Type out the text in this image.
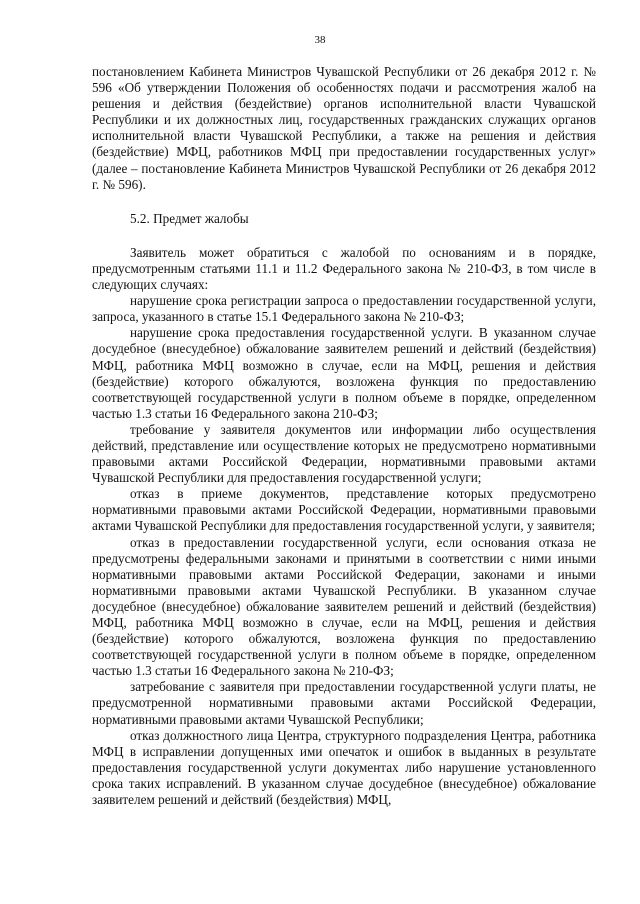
38

постановлением Кабинета Министров Чувашской Республики от 26 декабря 2012 г. № 596 «Об утверждении Положения об особенностях подачи и рассмотрения жалоб на решения и действия (бездействие) органов исполнительной власти Чувашской Республики и их должностных лиц, государственных гражданских служащих органов исполнительной власти Чувашской Республики, а также на решения и действия (бездействие) МФЦ, работников МФЦ при предоставлении государственных услуг» (далее – постановление Кабинета Министров Чувашской Республики от 26 декабря 2012 г. № 596).

5.2. Предмет жалобы

Заявитель может обратиться с жалобой по основаниям и в порядке, предусмотренным статьями 11.1 и 11.2 Федерального закона № 210-ФЗ, в том числе в следующих случаях:

нарушение срока регистрации запроса о предоставлении государственной услуги, запроса, указанного в статье 15.1 Федерального закона № 210-ФЗ;

нарушение срока предоставления государственной услуги. В указанном случае досудебное (внесудебное) обжалование заявителем решений и действий (бездействия) МФЦ, работника МФЦ возможно в случае, если на МФЦ, решения и действия (бездействие) которого обжалуются, возложена функция по предоставлению соответствующей государственной услуги в полном объеме в порядке, определенном частью 1.3 статьи 16 Федерального закона 210-ФЗ;

требование у заявителя документов или информации либо осуществления действий, представление или осуществление которых не предусмотрено нормативными правовыми актами Российской Федерации, нормативными правовыми актами Чувашской Республики для предоставления государственной услуги;

отказ в приеме документов, представление которых предусмотрено нормативными правовыми актами Российской Федерации, нормативными правовыми актами Чувашской Республики для предоставления государственной услуги, у заявителя;

отказ в предоставлении государственной услуги, если основания отказа не предусмотрены федеральными законами и принятыми в соответствии с ними иными нормативными правовыми актами Российской Федерации, законами и иными нормативными правовыми актами Чувашской Республики. В указанном случае досудебное (внесудебное) обжалование заявителем решений и действий (бездействия) МФЦ, работника МФЦ возможно в случае, если на МФЦ, решения и действия (бездействие) которого обжалуются, возложена функция по предоставлению соответствующей государственной услуги в полном объеме в порядке, определенном частью 1.3 статьи 16 Федерального закона № 210-ФЗ;

затребование с заявителя при предоставлении государственной услуги платы, не предусмотренной нормативными правовыми актами Российской Федерации, нормативными правовыми актами Чувашской Республики;

отказ должностного лица Центра, структурного подразделения Центра, работника МФЦ в исправлении допущенных ими опечаток и ошибок в выданных в результате предоставления государственной услуги документах либо нарушение установленного срока таких исправлений. В указанном случае досудебное (внесудебное) обжалование заявителем решений и действий (бездействия) МФЦ,
